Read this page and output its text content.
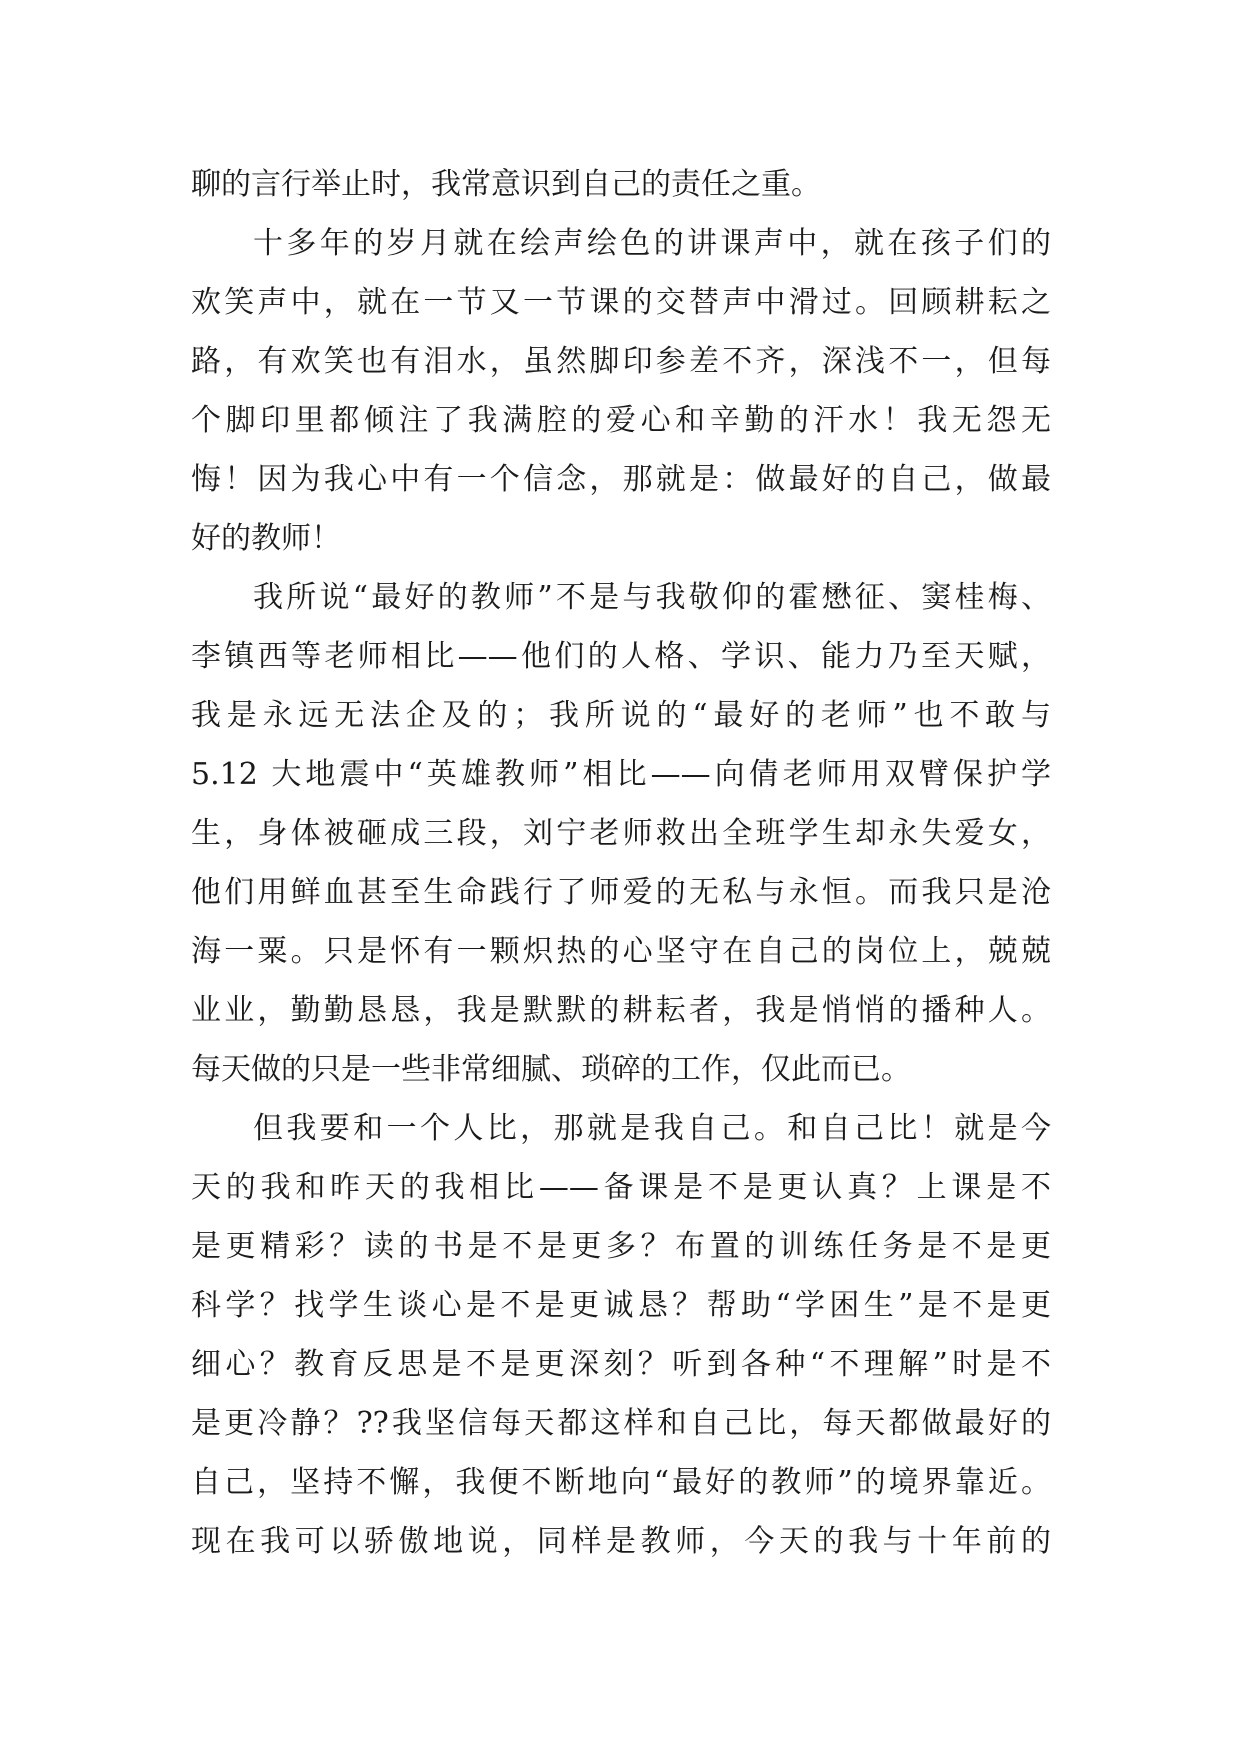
聊的言行举止时，我常意识到自己的责任之重。
十多年的岁月就在绘声绘色的讲课声中，就在孩子们的
欢笑声中，就在一节又一节课的交替声中滑过。回顾耕耘之
路，有欢笑也有泪水，虽然脚印参差不齐，深浅不一，但每
个脚印里都倾注了我满腔的爱心和辛勤的汗水！我无怨无
悔！因为我心中有一个信念，那就是：做最好的自己，做最
好的教师！
我所说“最好的教师”不是与我敬仰的霍懋征、窦桂梅、
李镇西等老师相比——他们的人格、学识、能力乃至天赋，
我是永远无法企及的；我所说的“最好的老师”也不敢与
5.12 大地震中“英雄教师”相比——向倩老师用双臂保护学
生，身体被砸成三段，刘宁老师救出全班学生却永失爱女，
他们用鲜血甚至生命践行了师爱的无私与永恒。而我只是沧
海一粟。只是怀有一颗炽热的心坚守在自己的岗位上，兢兢
业业，勤勤恳恳，我是默默的耕耘者，我是悄悄的播种人。
每天做的只是一些非常细腻、琐碎的工作，仅此而已。
但我要和一个人比，那就是我自己。和自己比！就是今
天的我和昨天的我相比——备课是不是更认真？上课是不
是更精彩？读的书是不是更多？布置的训练任务是不是更
科学？找学生谈心是不是更诚恳？帮助“学困生”是不是更
细心？教育反思是不是更深刻？听到各种“不理解”时是不
是更冷静？??我坚信每天都这样和自己比，每天都做最好的
自己，坚持不懈，我便不断地向“最好的教师”的境界靠近。
现在我可以骄傲地说，同样是教师，今天的我与十年前的
